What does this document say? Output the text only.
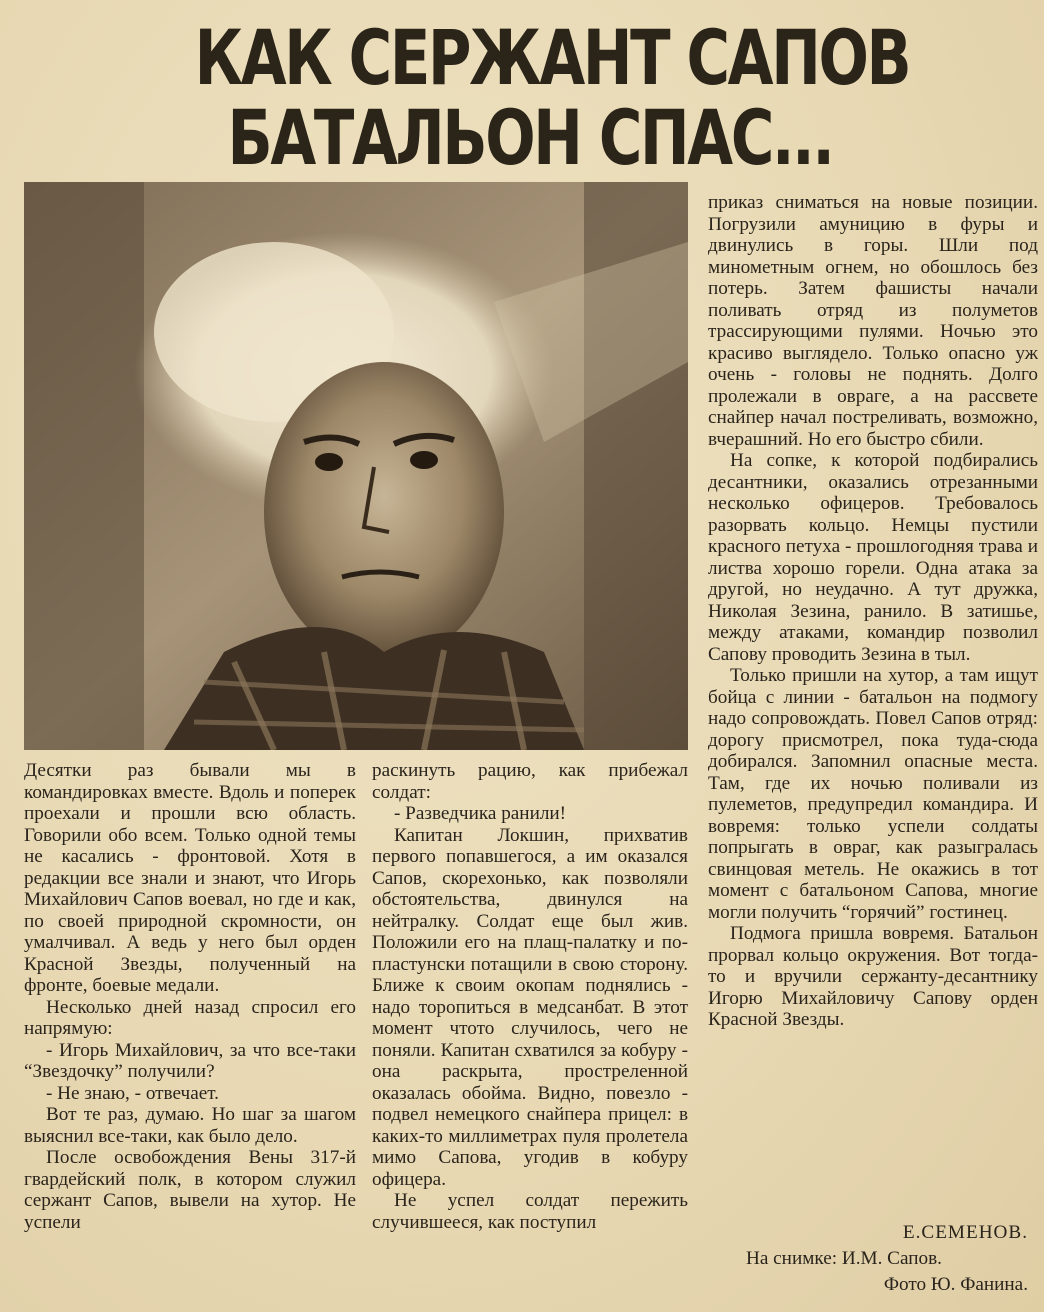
КАК СЕРЖАНТ САПОВ
БАТАЛЬОН СПАС...

Десятки раз бывали мы в командировках вместе. Вдоль и поперек проехали и прошли всю область. Говорили обо всем. Только одной темы не касались - фронтовой. Хотя в редакции все знали и знают, что Игорь Михайлович Сапов воевал, но где и как, по своей природной скромности, он умалчивал. А ведь у него был орден Красной Звезды, полученный на фронте, боевые медали.

Несколько дней назад спросил его напрямую:

- Игорь Михайлович, за что все-таки “Звездочку” получили?

- Не знаю, - отвечает.

Вот те раз, думаю. Но шаг за шагом выяснил все-таки, как было дело.

После освобождения Вены 317-й гвардейский полк, в котором служил сержант Сапов, вывели на хутор. Не успели

раскинуть рацию, как прибежал солдат:

- Разведчика ранили!

Капитан Локшин, прихватив первого попавшегося, а им оказался Сапов, скорехонько, как позволяли обстоятельства, двинулся на нейтралку. Солдат еще был жив. Положили его на плащ-палатку и по-пластунски потащили в свою сторону. Ближе к своим окопам поднялись - надо торопиться в медсанбат. В этот момент чтото случилось, чего не поняли. Капитан схватился за кобуру - она раскрыта, простреленной оказалась обойма. Видно, повезло - подвел немецкого снайпера прицел: в каких-то миллиметрах пуля пролетела мимо Сапова, угодив в кобуру офицера.

Не успел солдат пережить случившееся, как поступил

приказ сниматься на новые позиции. Погрузили амуницию в фуры и двинулись в горы. Шли под минометным огнем, но обошлось без потерь. Затем фашисты начали поливать отряд из полуметов трассирующими пулями. Ночью это красиво выглядело. Только опасно уж очень - головы не поднять. Долго пролежали в овраге, а на рассвете снайпер начал постреливать, возможно, вчерашний. Но его быстро сбили.

На сопке, к которой подбирались десантники, оказались отрезанными несколько офицеров. Требовалось разорвать кольцо. Немцы пустили красного петуха - прошлогодняя трава и листва хорошо горели. Одна атака за другой, но неудачно. А тут дружка, Николая Зезина, ранило. В затишье, между атаками, командир позволил Сапову проводить Зезина в тыл.

Только пришли на хутор, а там ищут бойца с линии - батальон на подмогу надо сопровождать. Повел Сапов отряд: дорогу присмотрел, пока туда-сюда добирался. Запомнил опасные места. Там, где их ночью поливали из пулеметов, предупредил командира. И вовремя: только успели солдаты попрыгать в овраг, как разыгралась свинцовая метель. Не окажись в тот момент с батальоном Сапова, многие могли получить “горячий” гостинец.

Подмога пришла вовремя. Батальон прорвал кольцо окружения. Вот тогда-то и вручили сержанту-десантнику Игорю Михайловичу Сапову орден Красной Звезды.

Е.СЕМЕНОВ.
На снимке: И.М. Сапов.
Фото Ю. Фанина.
